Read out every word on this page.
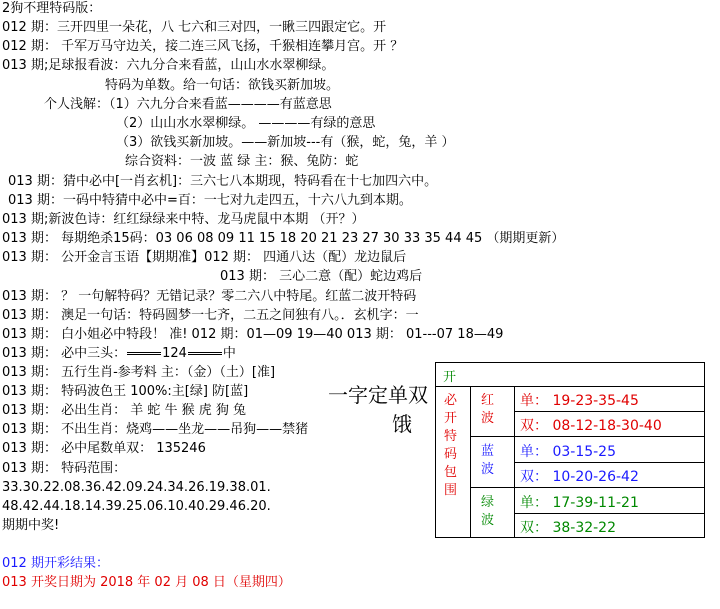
2狗不理特码版：
012 期：三开四里一朵花，八 七六和三对四，一瞅三四跟定它。开
012 期： 千军万马守边关，接二连三风飞扬，千猴相连攀月宫。开 ？
013 期;足球报看波：六九分合来看蓝，山山水水翠柳绿。
特码为单数。给一句话：欲钱买新加坡。
个人浅解：（1）六九分合来看蓝————有蓝意思
（2）山山水水翠柳绿。 ————有绿的意思
（3）欲钱买新加坡。——新加坡---有（猴，蛇，兔，羊 ）
综合资料：一波 蓝 绿 主：猴、兔防：蛇
013 期：猜中必中[一肖玄机]：三六七八本期现，特码看在十七加四六中。
013 期：一码中特猜中必中=百：一七对九走四五，十六八九到本期。
013 期;新波色诗：红红绿绿来中特、龙马虎鼠中本期 （开？）
013 期： 每期绝杀15码：03 06 08 09 11 15 18 20 21 23 27 30 33 35 44 45 （期期更新）
013 期： 公开金言玉语【期期准】012 期： 四通八达（配）龙边鼠后
013 期： 三心二意（配）蛇边鸡后
013 期： ？ 一句解特码？无错记录？零二六八中特尾。红蓝二波开特码
013 期： 澳足一句话：特码圆梦一七齐，二五之间独有八。．玄机字：一
013 期： 白小姐必中特段！ 准! 012 期：01—09 19—40 013 期： 01---07 18—49
013 期： 必中三头：	124	中
013 期： 五行生肖-参考料 主：（金）（土）[准]
013 期： 特码波色王 100%:主[绿] 防[蓝]
013 期： 必出生肖： 羊 蛇 牛 猴 虎 狗 兔
013 期： 不出生肖：烧鸡——坐龙——吊狗——禁猪
013 期： 必中尾数单双： 135246
013 期： 特码范围：
33.30.22.08.36.42.09.24.34.26.19.38.01.
48.42.44.18.14.39.25.06.10.40.29.46.20.
期期中奖!
012 期开彩结果：
013 开奖日期为 2018 年 02 月 08 日（星期四）
一字定单双
饿
开
必开特码包围
红波
单： 19-23-35-45
双： 08-12-18-30-40
蓝波
单： 03-15-25
双： 10-20-26-42
绿波
单： 17-39-11-21
双： 38-32-22
